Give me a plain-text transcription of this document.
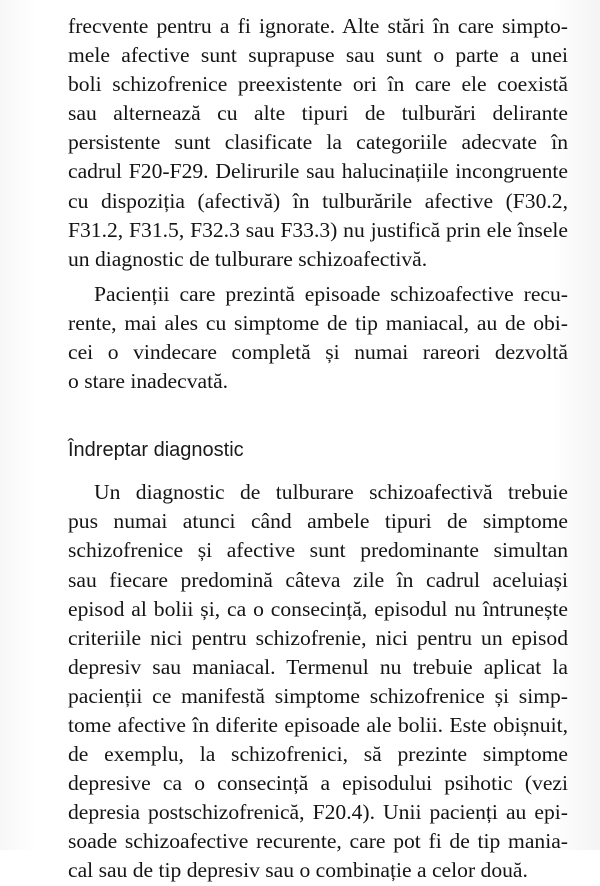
frecvente pentru a fi ignorate. Alte stări în care simpto-
mele afective sunt suprapuse sau sunt o parte a unei
boli schizofrenice preexistente ori în care ele coexistă
sau alternează cu alte tipuri de tulburări delirante
persistente sunt clasificate la categoriile adecvate în
cadrul F20-F29. Delirurile sau halucinațiile incongruente
cu dispoziția (afectivă) în tulburările afective (F30.2,
F31.2, F31.5, F32.3 sau F33.3) nu justifică prin ele însele
un diagnostic de tulburare schizoafectivă.

Pacienții care prezintă episoade schizoafective recu-
rente, mai ales cu simptome de tip maniacal, au de obi-
cei o vindecare completă și numai rareori dezvoltă
o stare inadecvată.

Îndreptar diagnostic

Un diagnostic de tulburare schizoafectivă trebuie
pus numai atunci când ambele tipuri de simptome
schizofrenice și afective sunt predominante simultan
sau fiecare predomină câteva zile în cadrul aceluiași
episod al bolii și, ca o consecință, episodul nu întrunește
criteriile nici pentru schizofrenie, nici pentru un episod
depresiv sau maniacal. Termenul nu trebuie aplicat la
pacienții ce manifestă simptome schizofrenice și simp-
tome afective în diferite episoade ale bolii. Este obișnuit,
de exemplu, la schizofrenici, să prezinte simptome
depresive ca o consecință a episodului psihotic (vezi
depresia postschizofrenică, F20.4). Unii pacienți au epi-
soade schizoafective recurente, care pot fi de tip mania-
cal sau de tip depresiv sau o combinație a celor două.
